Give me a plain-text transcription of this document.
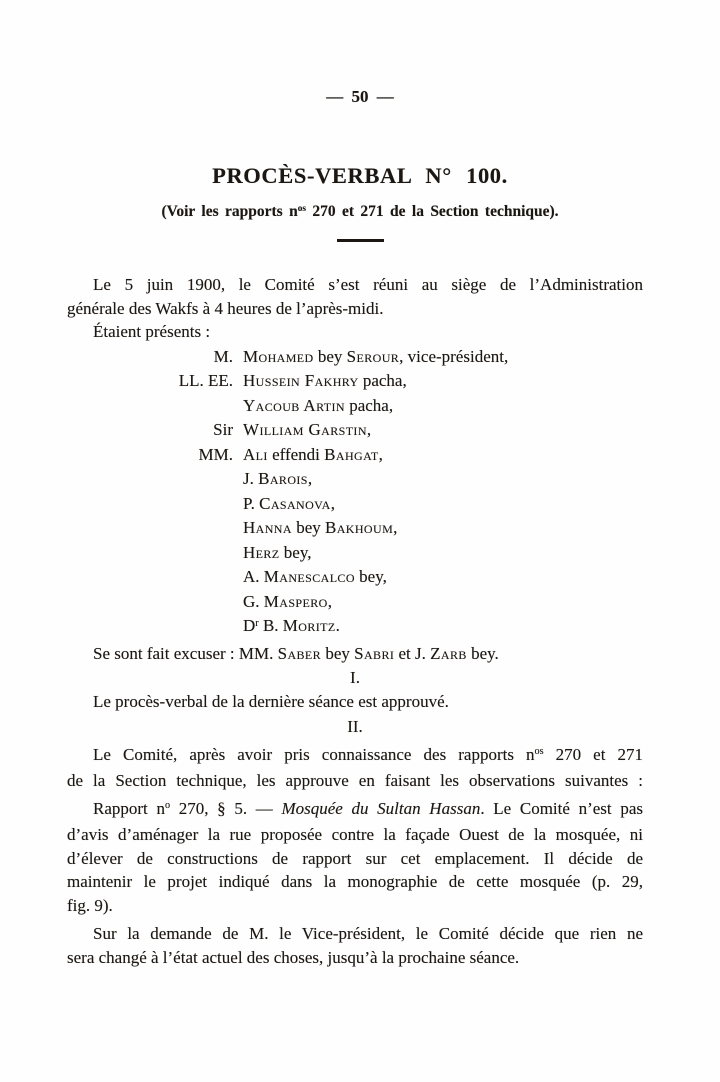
— 50 —
PROCÈS-VERBAL N° 100.
(Voir les rapports $n^{os}$ 270 et 271 de la Section technique).
Le 5 juin 1900, le Comité s’est réuni au siège de l’Administration
générale des Wakfs à 4 heures de l’après-midi.
Étaient présents :
M. Mohamed bey Serour, vice-président,
LL. EE. Hussein Fakhry pacha,
Yacoub Artin pacha,
Sir William Garstin,
MM. Ali effendi Bahgat,
J. Barois,
P. Casanova,
Hanna bey Bakhoum,
Herz bey,
A. Manescalco bey,
G. Maspero,
$D^r$ B. Moritz.
Se sont fait excuser : MM. Saber bey Sabri et J. Zarb bey.
I.
Le procès-verbal de la dernière séance est approuvé.
II.
Le Comité, après avoir pris connaissance des rapports $n^{os}$ 270 et 271
de la Section technique, les approuve en faisant les observations suivantes :
Rapport $n^o$ 270, § 5. — Mosquée du Sultan Hassan. Le Comité n’est pas
d’avis d’aménager la rue proposée contre la façade Ouest de la mosquée, ni
d’élever de constructions de rapport sur cet emplacement. Il décide de
maintenir le projet indiqué dans la monographie de cette mosquée (p. 29,
fig. 9).
Sur la demande de M. le Vice-président, le Comité décide que rien ne
sera changé à l’état actuel des choses, jusqu’à la prochaine séance.
